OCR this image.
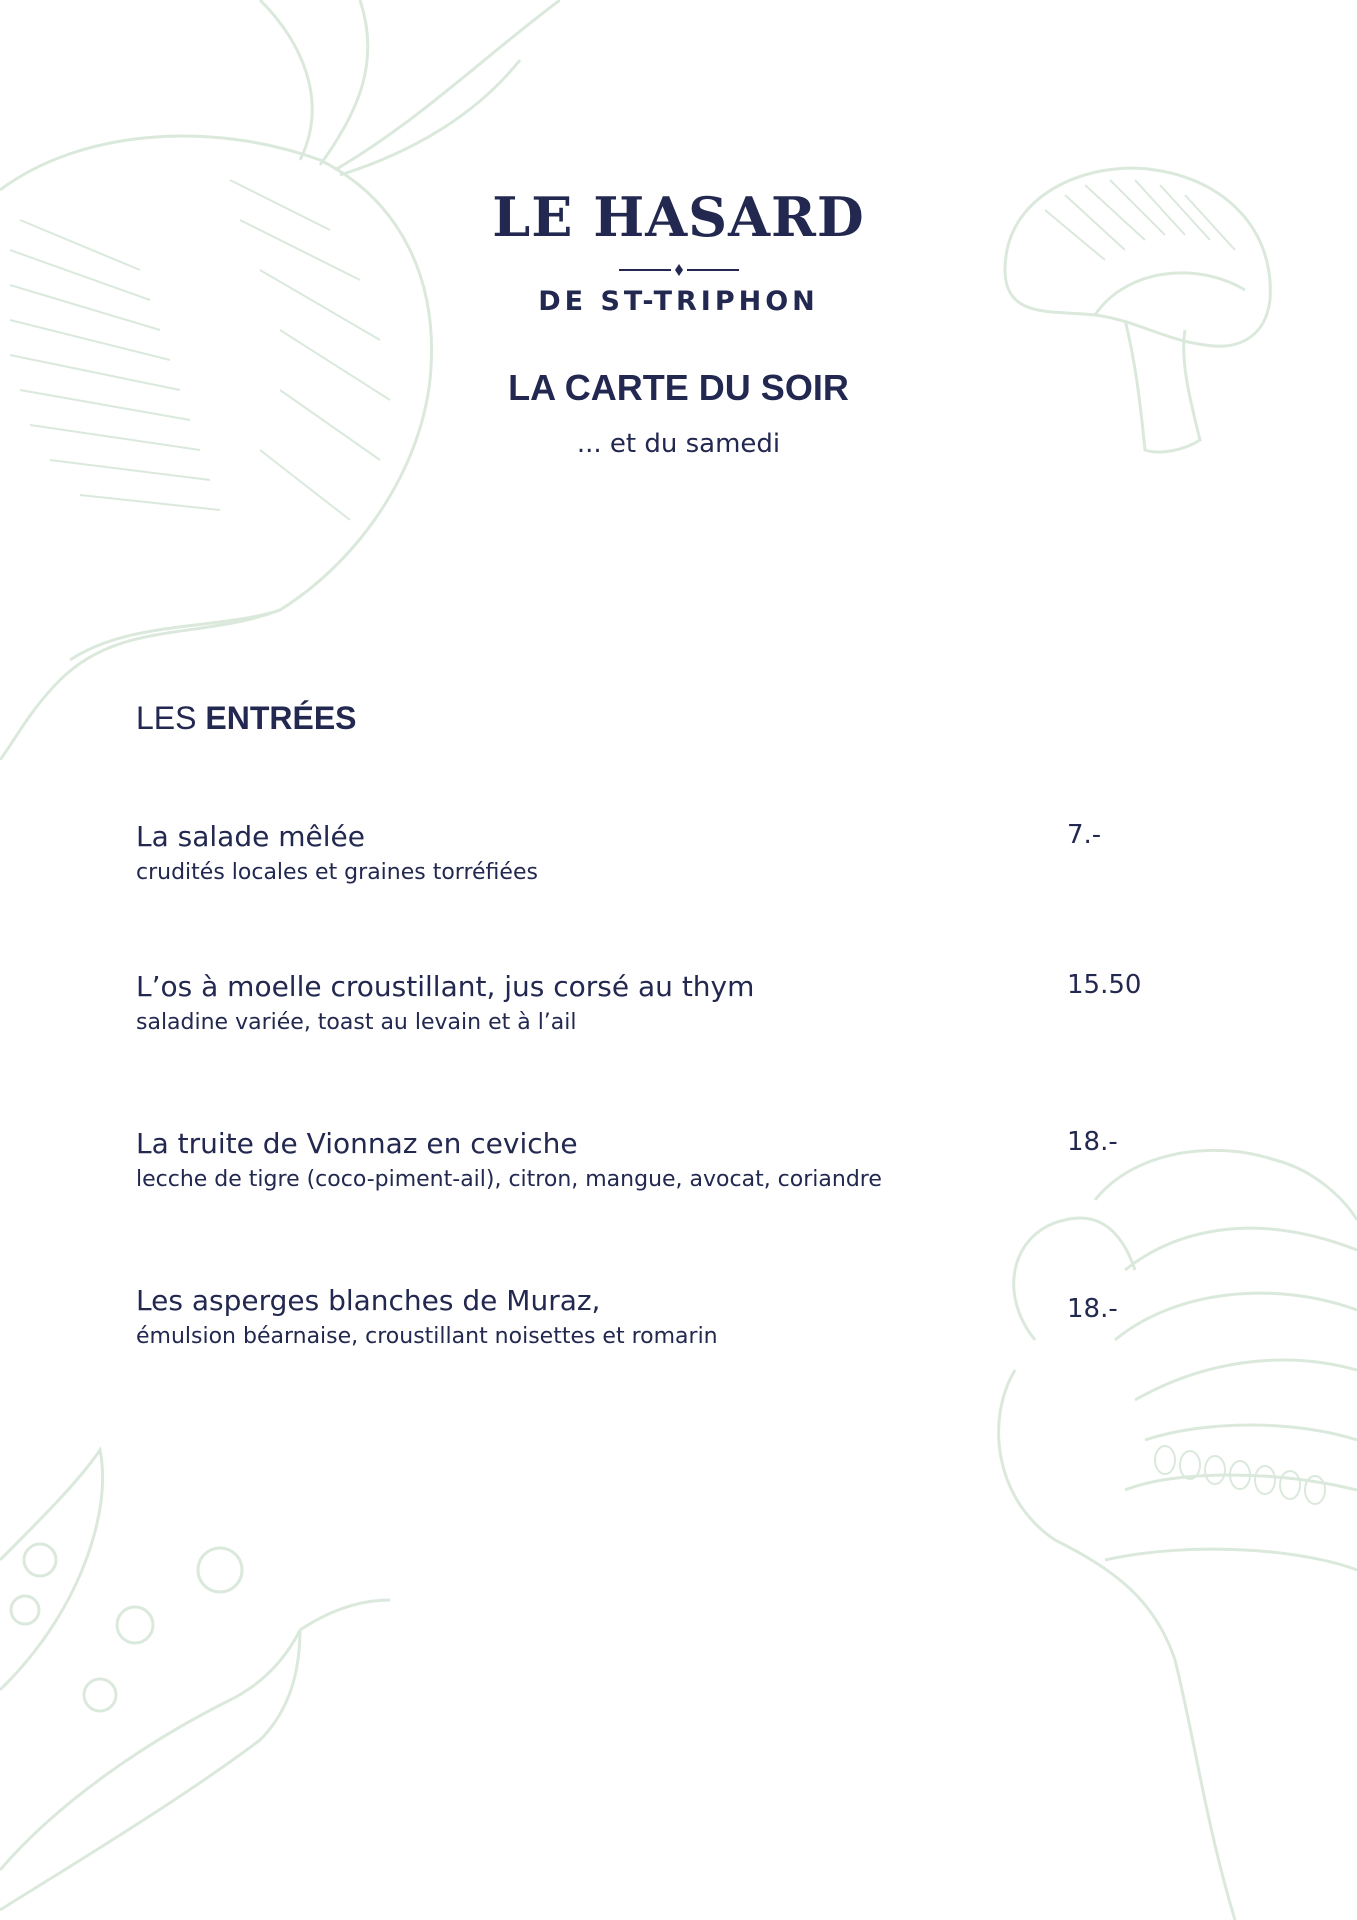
LE HASARD
DE ST-TRIPHON
LA CARTE DU SOIR
... et du samedi
LES ENTRÉES
La salade mêlée
crudités locales et graines torréfiées
7.-
L’os à moelle croustillant, jus corsé au thym
saladine variée, toast au levain et à l’ail
15.50
La truite de Vionnaz en ceviche
lecche de tigre (coco-piment-ail), citron, mangue, avocat, coriandre
18.-
Les asperges blanches de Muraz,
émulsion béarnaise, croustillant noisettes et romarin
18.-
